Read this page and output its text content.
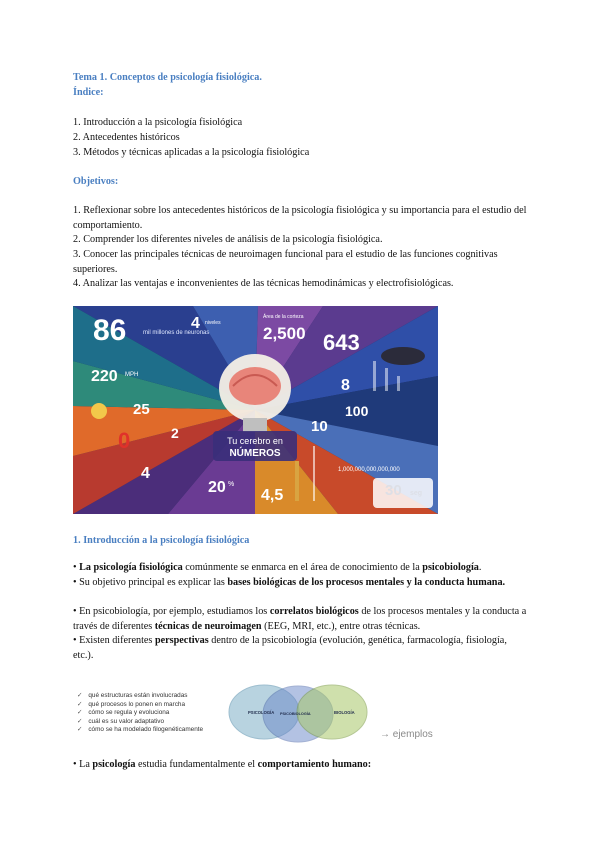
Tema 1. Conceptos de psicología fisiológica.
Índice:
1. Introducción a la psicología fisiológica
2. Antecedentes históricos
3. Métodos y técnicas aplicadas a la psicología fisiológica
Objetivos:
1. Reflexionar sobre los antecedentes históricos de la psicología fisiológica y su importancia para el estudio del comportamiento.
2. Comprender los diferentes niveles de análisis de la psicología fisiológica.
3. Conocer las principales técnicas de neuroimagen funcional para el estudio de las funciones cognitivas superiores.
4. Analizar las ventajas e inconvenientes de las técnicas hemodinámicas y electrofisiológicas.
Tu cerebro en
NÚMEROS
86	mil millones de neuronas
4 niveles
Área de la corteza
2,500 643
220 MPH
8
25	100
0	2
4
10
20 %
4,5
1,000,000,000,000,000
1. Introducción a la psicología fisiológica
• La psicología fisiológica comúnmente se enmarca en el área de conocimiento de la psicobiología.
• Su objetivo principal es explicar las bases biológicas de los procesos mentales y la conducta humana.
• En psicobiología, por ejemplo, estudiamos los correlatos biológicos de los procesos mentales y la conducta a través de diferentes técnicas de neuroimagen (EEG, MRI, etc.), entre otras técnicas.
• Existen diferentes perspectivas dentro de la psicobiología (evolución, genética, farmacología, fisiología, etc.).
✓ qué estructuras están involucradas
✓ qué procesos lo ponen en marcha
✓ cómo se regula y evoluciona
✓ cuál es su valor adaptativo
✓ cómo se ha modelado filogenéticamente
PSICOLOGÍA PSICOBIOLOGÍA	BIOLOGÍA
→ ejemplos
• La psicología estudia fundamentalmente el comportamiento humano:
